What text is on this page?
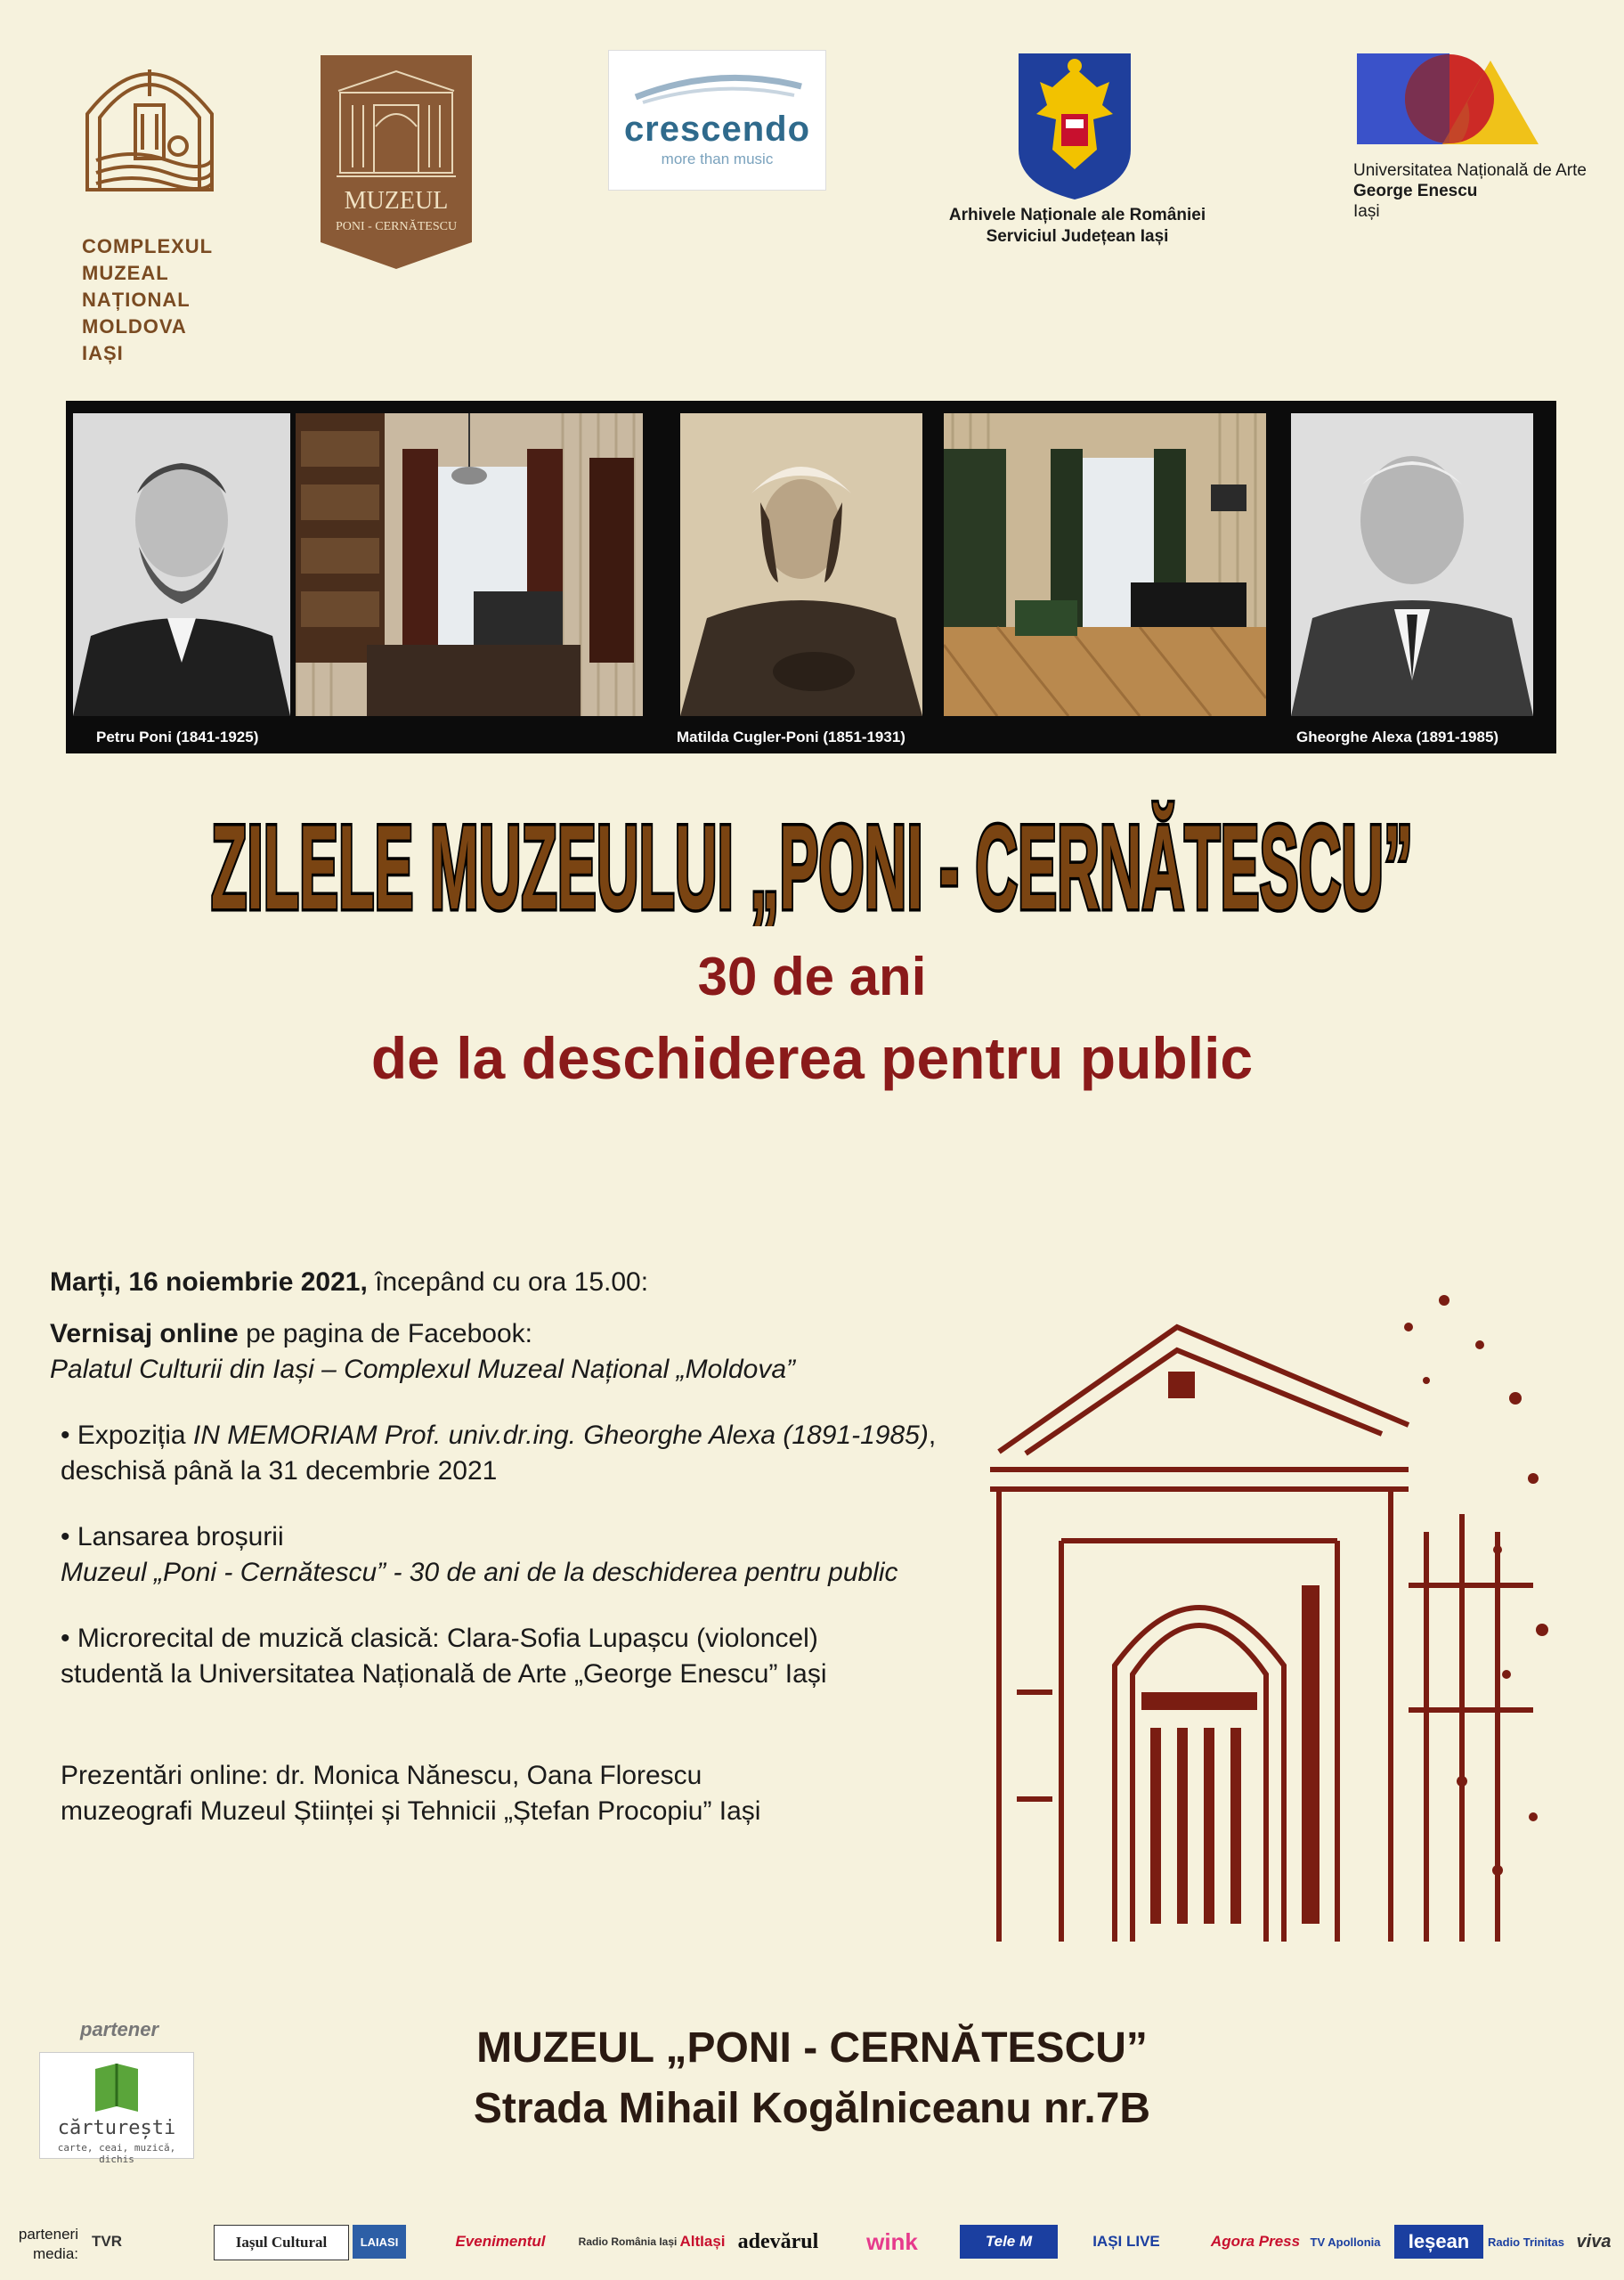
COMPLEXUL
MUZEAL
NAȚIONAL
MOLDOVA
IAȘI
MUZEUL
PONI - CERNĂTESCU
crescendo
more than music
Arhivele Naționale ale României
Serviciul Județean Iași
Universitatea Națională de Arte
George Enescu
Iași
Petru Poni (1841-1925)	Matilda Cugler-Poni (1851-1931)	Gheorghe Alexa (1891-1985)
ZILELE MUZEULUI „PONI - CERNĂTESCU”
30 de ani
de la deschiderea pentru public
Marți, 16 noiembrie 2021, începând cu ora 15.00:
Vernisaj online pe pagina de Facebook:
Palatul Culturii din Iași – Complexul Muzeal Național „Moldova”
• Expoziția IN MEMORIAM Prof. univ.dr.ing. Gheorghe Alexa (1891-1985),
deschisă până la 31 decembrie 2021
• Lansarea broșurii
Muzeul „Poni - Cernătescu” - 30 de ani de la deschiderea pentru public
• Microrecital de muzică clasică: Clara-Sofia Lupașcu (violoncel)
studentă la Universitatea Națională de Arte „George Enescu” Iași
Prezentări online: dr. Monica Nănescu, Oana Florescu
muzeografi Muzeul Științei și Tehnicii „Ștefan Procopiu” Iași
partener
cărturești
carte, ceai, muzică, dichis
MUZEUL „PONI - CERNĂTESCU”
Strada Mihail Kogălniceanu nr.7B
parteneri media:
TVR	Iașul Cultural	LAIASI	Evenimentul	Radio România Iași AltIași adevărul	wink	Tele M	IAȘI LIVE	Agora Press TV Apollonia	Ieșean	Radio Trinitas viva
